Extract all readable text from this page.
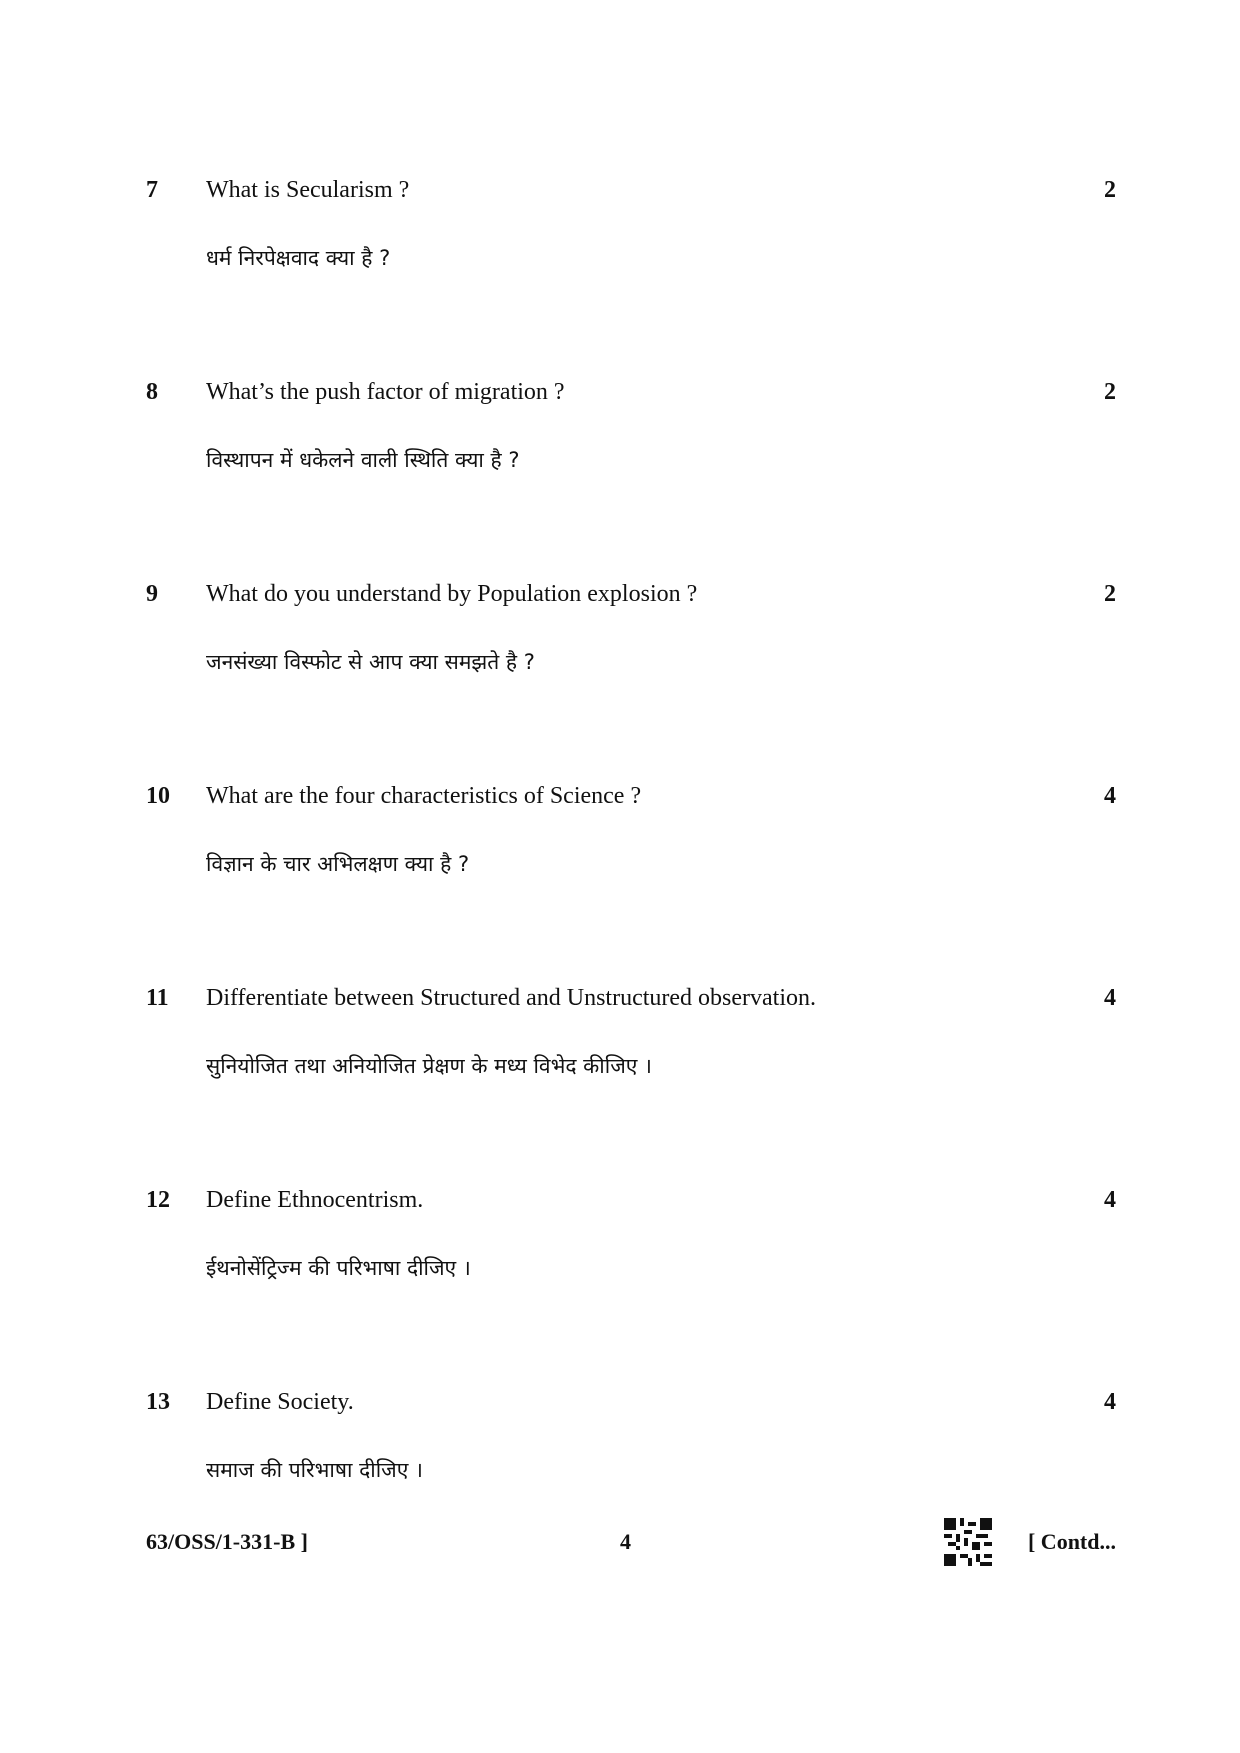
7 What is Secularism ?
धर्म निरपेक्षवाद क्या है ?
2
8 What’s the push factor of migration ?
विस्थापन में धकेलने वाली स्थिति क्या है ?
2
9 What do you understand by Population explosion ?
जनसंख्या विस्फोट से आप क्या समझते है ?
2
10 What are the four characteristics of Science ?
विज्ञान के चार अभिलक्षण क्या है ?
4
11 Differentiate between Structured and Unstructured observation.
सुनियोजित तथा अनियोजित प्रेक्षण के मध्य विभेद कीजिए ।
4
12 Define Ethnocentrism.
ईथनोसेंट्रिज्म की परिभाषा दीजिए ।
4
13 Define Society.
समाज की परिभाषा दीजिए ।
4
63/OSS/1-331-B ]	4	[ Contd...
